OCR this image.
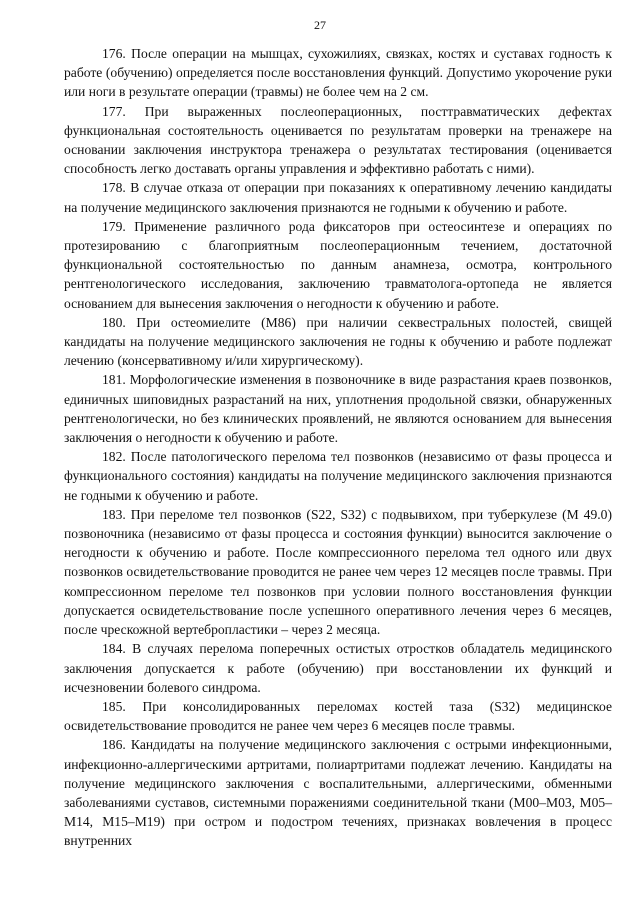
27

176. После операции на мышцах, сухожилиях, связках, костях и суставах годность к работе (обучению) определяется после восстановления функций. Допустимо укорочение руки или ноги в результате операции (травмы) не более чем на 2 см.

177. При выраженных послеоперационных, посттравматических дефектах функциональная состоятельность оценивается по результатам проверки на тренажере на основании заключения инструктора тренажера о результатах тестирования (оценивается способность легко доставать органы управления и эффективно работать с ними).

178. В случае отказа от операции при показаниях к оперативному лечению кандидаты на получение медицинского заключения признаются не годными к обучению и работе.

179. Применение различного рода фиксаторов при остеосинтезе и операциях по протезированию с благоприятным послеоперационным течением, достаточной функциональной состоятельностью по данным анамнеза, осмотра, контрольного рентгенологического исследования, заключению травматолога-ортопеда не является основанием для вынесения заключения о негодности к обучению и работе.

180. При остеомиелите (M86) при наличии секвестральных полостей, свищей кандидаты на получение медицинского заключения не годны к обучению и работе подлежат лечению (консервативному и/или хирургическому).

181. Морфологические изменения в позвоночнике в виде разрастания краев позвонков, единичных шиповидных разрастаний на них, уплотнения продольной связки, обнаруженных рентгенологически, но без клинических проявлений, не являются основанием для вынесения заключения о негодности к обучению и работе.

182. После патологического перелома тел позвонков (независимо от фазы процесса и функционального состояния) кандидаты на получение медицинского заключения признаются не годными к обучению и работе.

183. При переломе тел позвонков (S22, S32) с подвывихом, при туберкулезе (M 49.0) позвоночника (независимо от фазы процесса и состояния функции) выносится заключение о негодности к обучению и работе. После компрессионного перелома тел одного или двух позвонков освидетельствование проводится не ранее чем через 12 месяцев после травмы. При компрессионном переломе тел позвонков при условии полного восстановления функции допускается освидетельствование после успешного оперативного лечения через 6 месяцев, после чрескожной вертебропластики – через 2 месяца.

184. В случаях перелома поперечных остистых отростков обладатель медицинского заключения допускается к работе (обучению) при восстановлении их функций и исчезновении болевого синдрома.

185. При консолидированных переломах костей таза (S32) медицинское освидетельствование проводится не ранее чем через 6 месяцев после травмы.

186. Кандидаты на получение медицинского заключения с острыми инфекционными, инфекционно-аллергическими артритами, полиартритами подлежат лечению. Кандидаты на получение медицинского заключения с воспалительными, аллергическими, обменными заболеваниями суставов, системными поражениями соединительной ткани (M00–M03, M05–M14, M15–M19) при остром и подостром течениях, признаках вовлечения в процесс внутренних
